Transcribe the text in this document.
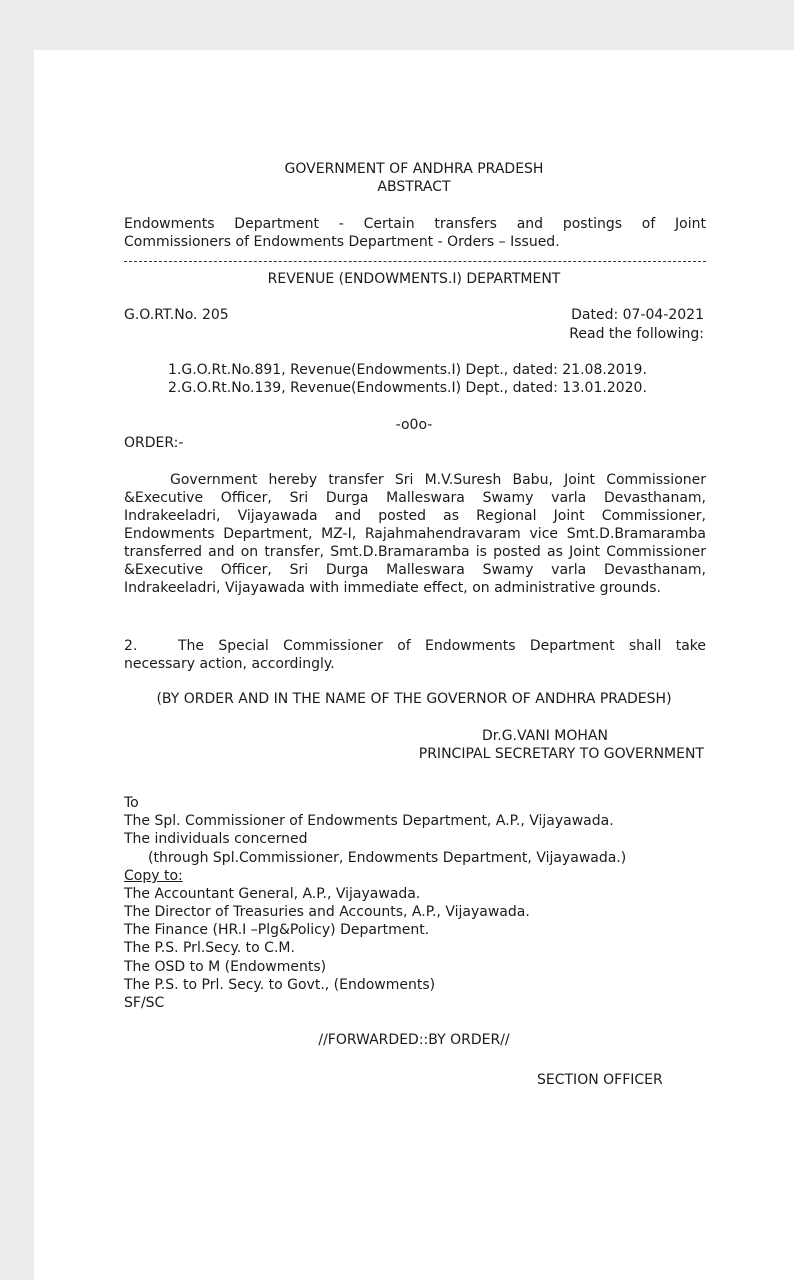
GOVERNMENT OF ANDHRA PRADESH
ABSTRACT
Endowments Department - Certain transfers and postings of Joint
Commissioners of Endowments Department - Orders – Issued.
REVENUE (ENDOWMENTS.I) DEPARTMENT
G.O.RT.No. 205	Dated: 07-04-2021
Read the following:
1.G.O.Rt.No.891, Revenue(Endowments.I) Dept., dated: 21.08.2019.
2.G.O.Rt.No.139, Revenue(Endowments.I) Dept., dated: 13.01.2020.
-o0o-
ORDER:-
Government hereby transfer Sri M.V.Suresh Babu, Joint Commissioner &Executive Officer, Sri Durga Malleswara Swamy varla Devasthanam, Indrakeeladri, Vijayawada and posted as Regional Joint Commissioner, Endowments Department, MZ-I, Rajahmahendravaram vice Smt.D.Bramaramba transferred and on transfer, Smt.D.Bramaramba is posted as Joint Commissioner &Executive Officer, Sri Durga Malleswara Swamy varla Devasthanam, Indrakeeladri, Vijayawada with immediate effect, on administrative grounds.
2.	The Special Commissioner of Endowments Department shall take
necessary action, accordingly.
(BY ORDER AND IN THE NAME OF THE GOVERNOR OF ANDHRA PRADESH)
Dr.G.VANI MOHAN
PRINCIPAL SECRETARY TO GOVERNMENT
To
The Spl. Commissioner of Endowments Department, A.P., Vijayawada.
The individuals concerned
(through Spl.Commissioner, Endowments Department, Vijayawada.)
Copy to:
The Accountant General, A.P., Vijayawada.
The Director of Treasuries and Accounts, A.P., Vijayawada.
The Finance (HR.I –Plg&Policy) Department.
The P.S. Prl.Secy. to C.M.
The OSD to M (Endowments)
The P.S. to Prl. Secy. to Govt., (Endowments)
SF/SC
//FORWARDED::BY ORDER//
SECTION OFFICER
